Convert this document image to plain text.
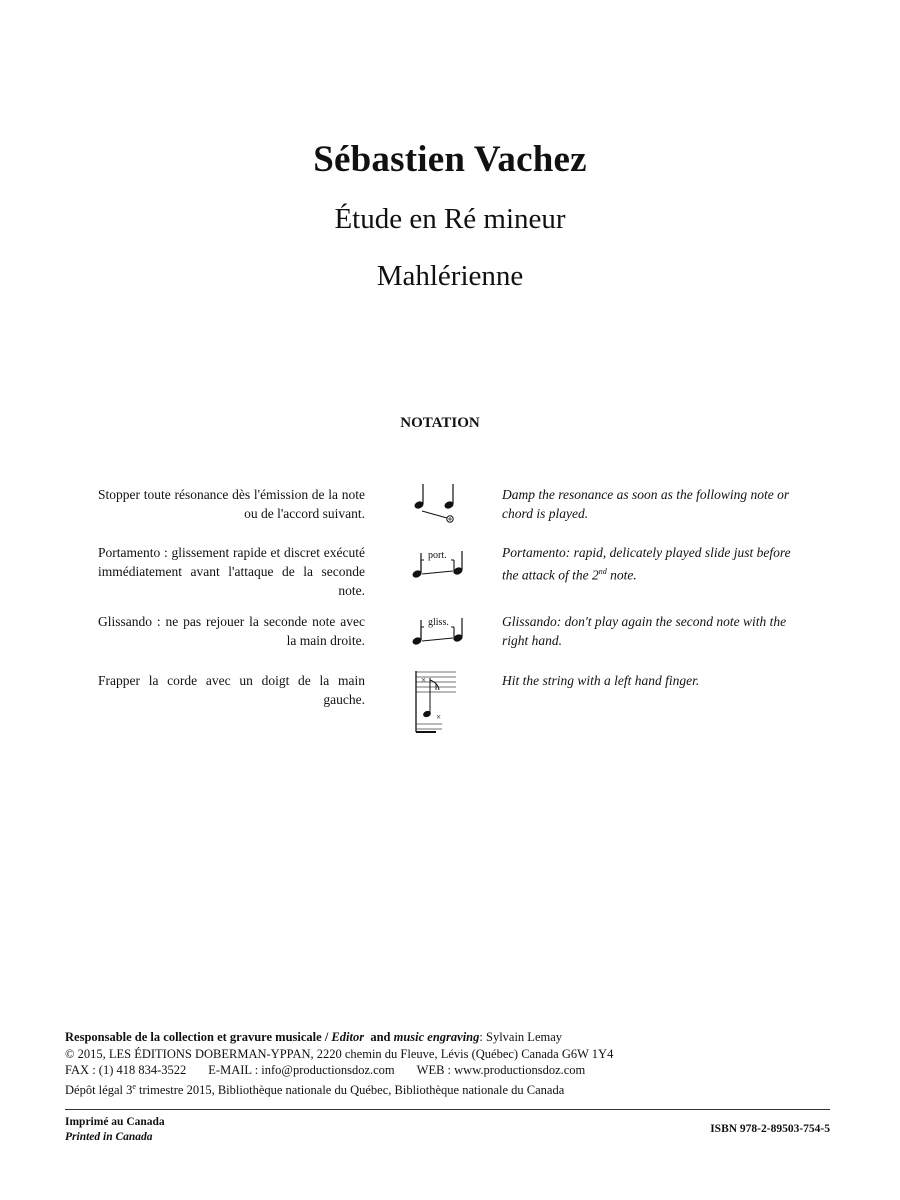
Sébastien Vachez
Étude en Ré mineur
Mahlérienne
NOTATION
Stopper toute résonance dès l'émission de la note ou de l'accord suivant.
Damp the resonance as soon as the following note or chord is played.
Portamento : glissement rapide et discret exécuté immédiatement avant l'attaque de la seconde note.
port.	Portamento: rapid, delicately played slide just before the attack of the 2nd note.
Glissando : ne pas rejouer la seconde note avec la main droite.
gliss.	Glissando: don't play again the second note with the right hand.
Frapper la corde avec un doigt de la main gauche.
×
×
Hit the string with a left hand finger.
Responsable de la collection et gravure musicale / Editor and music engraving: Sylvain Lemay
© 2015, LES ÉDITIONS DOBERMAN-YPPAN, 2220 chemin du Fleuve, Lévis (Québec) Canada G6W 1Y4
FAX : (1) 418 834-3522 E-MAIL : info@productionsdoz.com WEB : www.productionsdoz.com
Dépôt légal 3e trimestre 2015, Bibliothèque nationale du Québec, Bibliothèque nationale du Canada
Imprimé au Canada
Printed in Canada
ISBN 978-2-89503-754-5
